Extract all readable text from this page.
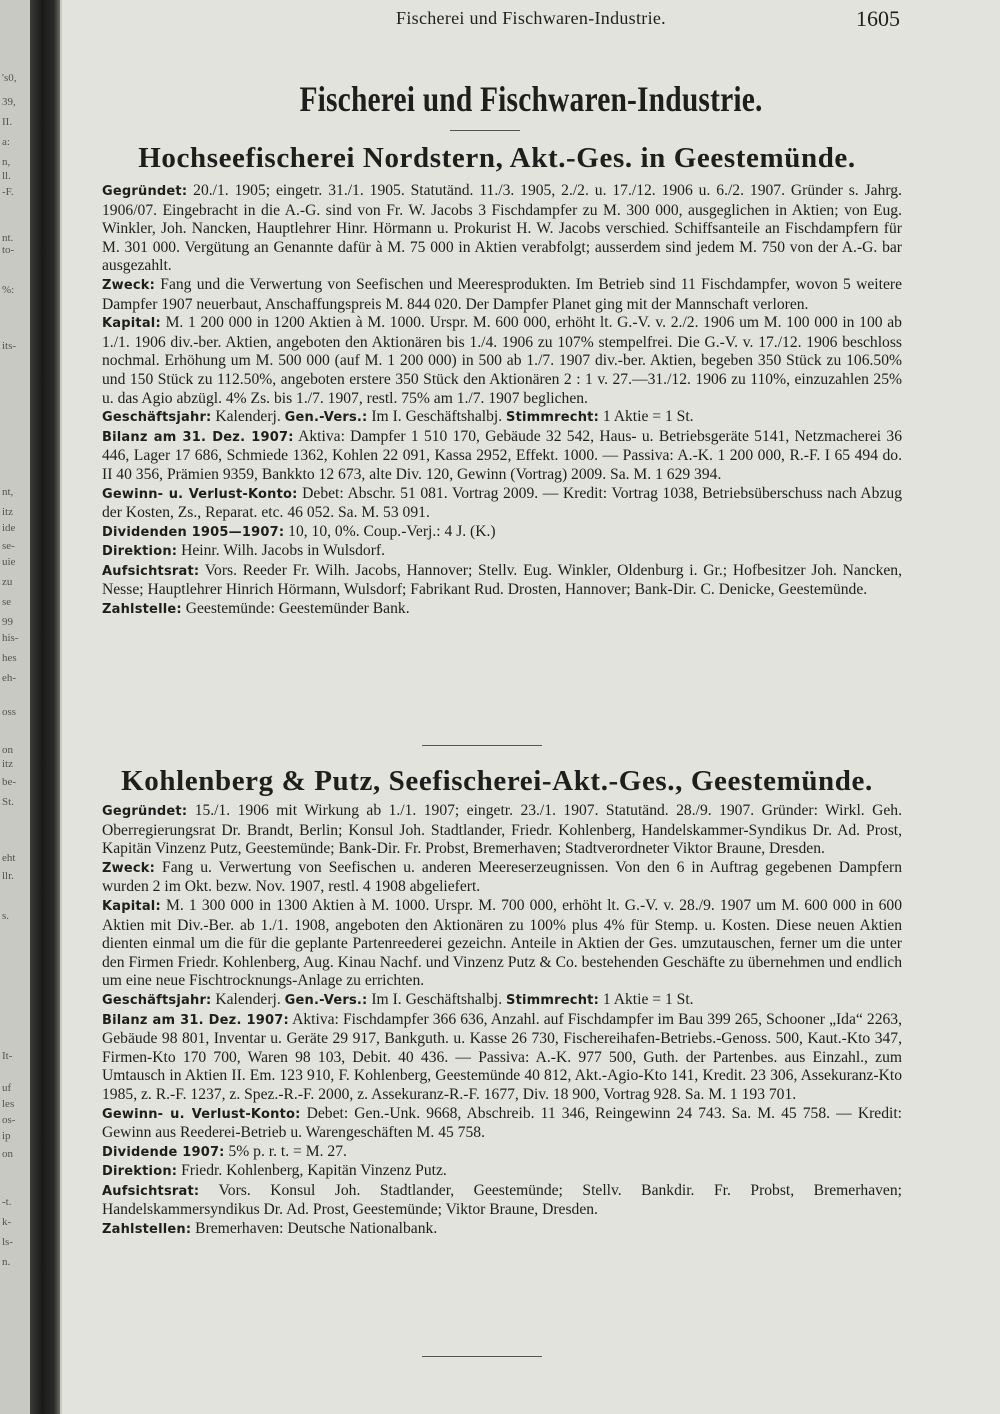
's0,
39,
II.
a:
n,
ll.
-F.
nt.
to-
%:
its-
nt,
itz
ide
se-
uie
zu
se
99
his-
hes
eh-
oss
on
itz
be-
St.
eht
llr.
s.
It-
uf
les
os-
ip
on
-t.
k-
ls-
n.
Fischerei und Fischwaren-Industrie.	1605
Fischerei und Fischwaren-Industrie.
Hochseefischerei Nordstern, Akt.-Ges. in Geestemünde.

Gegründet: 20./1. 1905; eingetr. 31./1. 1905. Statutänd. 11./3. 1905, 2./2. u. 17./12. 1906 u. 6./2. 1907. Gründer s. Jahrg. 1906/07. Eingebracht in die A.-G. sind von Fr. W. Jacobs 3 Fischdampfer zu M. 300 000, ausgeglichen in Aktien; von Eug. Winkler, Joh. Nancken, Hauptlehrer Hinr. Hörmann u. Prokurist H. W. Jacobs verschied. Schiffsanteile an Fischdampfern für M. 301 000. Vergütung an Genannte dafür à M. 75 000 in Aktien verabfolgt; ausserdem sind jedem M. 750 von der A.-G. bar ausgezahlt.

Zweck: Fang und die Verwertung von Seefischen und Meeresprodukten. Im Betrieb sind 11 Fischdampfer, wovon 5 weitere Dampfer 1907 neuerbaut, Anschaffungspreis M. 844 020. Der Dampfer Planet ging mit der Mannschaft verloren.

Kapital: M. 1 200 000 in 1200 Aktien à M. 1000. Urspr. M. 600 000, erhöht lt. G.-V. v. 2./2. 1906 um M. 100 000 in 100 ab 1./1. 1906 div.-ber. Aktien, angeboten den Aktionären bis 1./4. 1906 zu 107% stempelfrei. Die G.-V. v. 17./12. 1906 beschloss nochmal. Erhöhung um M. 500 000 (auf M. 1 200 000) in 500 ab 1./7. 1907 div.-ber. Aktien, begeben 350 Stück zu 106.50% und 150 Stück zu 112.50%, angeboten erstere 350 Stück den Aktionären 2 : 1 v. 27.—31./12. 1906 zu 110%, einzuzahlen 25% u. das Agio abzügl. 4% Zs. bis 1./7. 1907, restl. 75% am 1./7. 1907 beglichen.

Geschäftsjahr: Kalenderj. Gen.-Vers.: Im I. Geschäftshalbj. Stimmrecht: 1 Aktie = 1 St.

Bilanz am 31. Dez. 1907: Aktiva: Dampfer 1 510 170, Gebäude 32 542, Haus- u. Betriebsgeräte 5141, Netzmacherei 36 446, Lager 17 686, Schmiede 1362, Kohlen 22 091, Kassa 2952, Effekt. 1000. — Passiva: A.-K. 1 200 000, R.-F. I 65 494 do. II 40 356, Prämien 9359, Bankkto 12 673, alte Div. 120, Gewinn (Vortrag) 2009. Sa. M. 1 629 394.

Gewinn- u. Verlust-Konto: Debet: Abschr. 51 081. Vortrag 2009. — Kredit: Vortrag 1038, Betriebsüberschuss nach Abzug der Kosten, Zs., Reparat. etc. 46 052. Sa. M. 53 091.

Dividenden 1905—1907: 10, 10, 0%. Coup.-Verj.: 4 J. (K.)

Direktion: Heinr. Wilh. Jacobs in Wulsdorf.

Aufsichtsrat: Vors. Reeder Fr. Wilh. Jacobs, Hannover; Stellv. Eug. Winkler, Oldenburg i. Gr.; Hofbesitzer Joh. Nancken, Nesse; Hauptlehrer Hinrich Hörmann, Wulsdorf; Fabrikant Rud. Drosten, Hannover; Bank-Dir. C. Denicke, Geestemünde.

Zahlstelle: Geestemünde: Geestemünder Bank.

Kohlenberg & Putz, Seefischerei-Akt.-Ges., Geestemünde.

Gegründet: 15./1. 1906 mit Wirkung ab 1./1. 1907; eingetr. 23./1. 1907. Statutänd. 28./9. 1907. Gründer: Wirkl. Geh. Oberregierungsrat Dr. Brandt, Berlin; Konsul Joh. Stadtlander, Friedr. Kohlenberg, Handelskammer-Syndikus Dr. Ad. Prost, Kapitän Vinzenz Putz, Geestemünde; Bank-Dir. Fr. Probst, Bremerhaven; Stadtverordneter Viktor Braune, Dresden.

Zweck: Fang u. Verwertung von Seefischen u. anderen Meereserzeugnissen. Von den 6 in Auftrag gegebenen Dampfern wurden 2 im Okt. bezw. Nov. 1907, restl. 4 1908 abgeliefert.

Kapital: M. 1 300 000 in 1300 Aktien à M. 1000. Urspr. M. 700 000, erhöht lt. G.-V. v. 28./9. 1907 um M. 600 000 in 600 Aktien mit Div.-Ber. ab 1./1. 1908, angeboten den Aktionären zu 100% plus 4% für Stemp. u. Kosten. Diese neuen Aktien dienten einmal um die für die geplante Partenreederei gezeichn. Anteile in Aktien der Ges. umzutauschen, ferner um die unter den Firmen Friedr. Kohlenberg, Aug. Kinau Nachf. und Vinzenz Putz & Co. bestehenden Geschäfte zu übernehmen und endlich um eine neue Fischtrocknungs-Anlage zu errichten.

Geschäftsjahr: Kalenderj. Gen.-Vers.: Im I. Geschäftshalbj. Stimmrecht: 1 Aktie = 1 St.

Bilanz am 31. Dez. 1907: Aktiva: Fischdampfer 366 636, Anzahl. auf Fischdampfer im Bau 399 265, Schooner „Ida“ 2263, Gebäude 98 801, Inventar u. Geräte 29 917, Bankguth. u. Kasse 26 730, Fischereihafen-Betriebs.-Genoss. 500, Kaut.-Kto 347, Firmen-Kto 170 700, Waren 98 103, Debit. 40 436. — Passiva: A.-K. 977 500, Guth. der Partenbes. aus Einzahl., zum Umtausch in Aktien II. Em. 123 910, F. Kohlenberg, Geestemünde 40 812, Akt.-Agio-Kto 141, Kredit. 23 306, Assekuranz-Kto 1985, z. R.-F. 1237, z. Spez.-R.-F. 2000, z. Assekuranz-R.-F. 1677, Div. 18 900, Vortrag 928. Sa. M. 1 193 701.

Gewinn- u. Verlust-Konto: Debet: Gen.-Unk. 9668, Abschreib. 11 346, Reingewinn 24 743. Sa. M. 45 758. — Kredit: Gewinn aus Reederei-Betrieb u. Warengeschäften M. 45 758.

Dividende 1907: 5% p. r. t. = M. 27.

Direktion: Friedr. Kohlenberg, Kapitän Vinzenz Putz.

Aufsichtsrat: Vors. Konsul Joh. Stadtlander, Geestemünde; Stellv. Bankdir. Fr. Probst, Bremerhaven; Handelskammersyndikus Dr. Ad. Prost, Geestemünde; Viktor Braune, Dresden.

Zahlstellen: Bremerhaven: Deutsche Nationalbank.
